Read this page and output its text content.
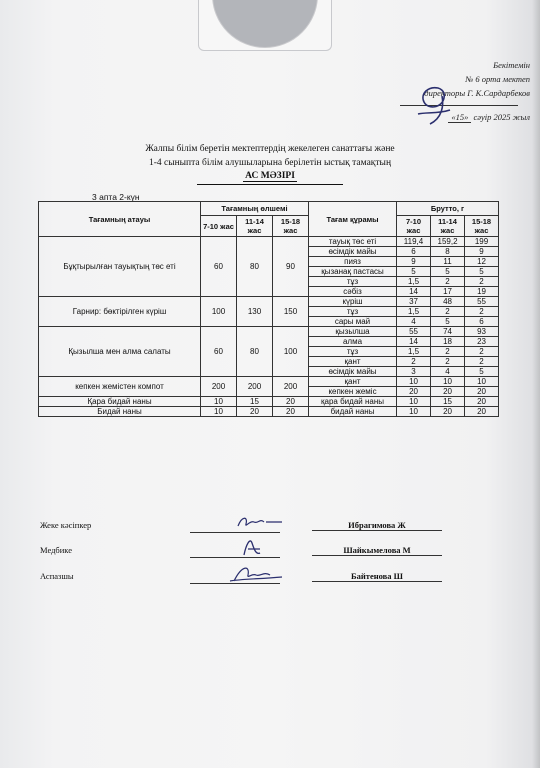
Бекітемін
№ 6 орта мектеп
директоры Г. К.Сардарбеков
«15» сәуір 2025 жыл
Жалпы білім беретін мектептердің жекелеген санаттағы және
1-4 сыныпта білім алушыларына берілетін ыстық тамақтың
АС МӘЗІРІ
3 апта 2-күн
Тағамның атауы	Тағамның өлшемі			Тағам құрамы	Брутто, г		
	7-10 жас	11-14 жас	15-18 жас		7-10 жас	11-14 жас	15-18 жас
Бұқтырылған тауықтың төс еті	60	80	90	тауық төс еті	119,4	159,2	199
				өсімдік майы	6	8	9
				пияз	9	11	12
				қызанақ пастасы	5	5	5
				тұз	1,5	2	2
				сәбіз	14	17	19
Гарнир: бөктірілген күріш	100	130	150	күріш	37	48	55
				тұз	1,5	2	2
				сары май	4	5	6
Қызылша мен алма салаты	60	80	100	қызылша	55	74	93
				алма	14	18	23
				тұз	1,5	2	2
				қант	2	2	2
				өсімдік майы	3	4	5
кепкен жемістен компот	200	200	200	қант	10	10	10
				кепкен жеміс	20	20	20
Қара бидай наны	10	15	20	қара бидай наны	10	15	20
Бидай наны	10	20	20	бидай наны	10	20	20
Жеке кәсіпкер	Ибрагимова Ж
Медбике	Шайкымелова М
Аспазшы	Байтенова Ш
